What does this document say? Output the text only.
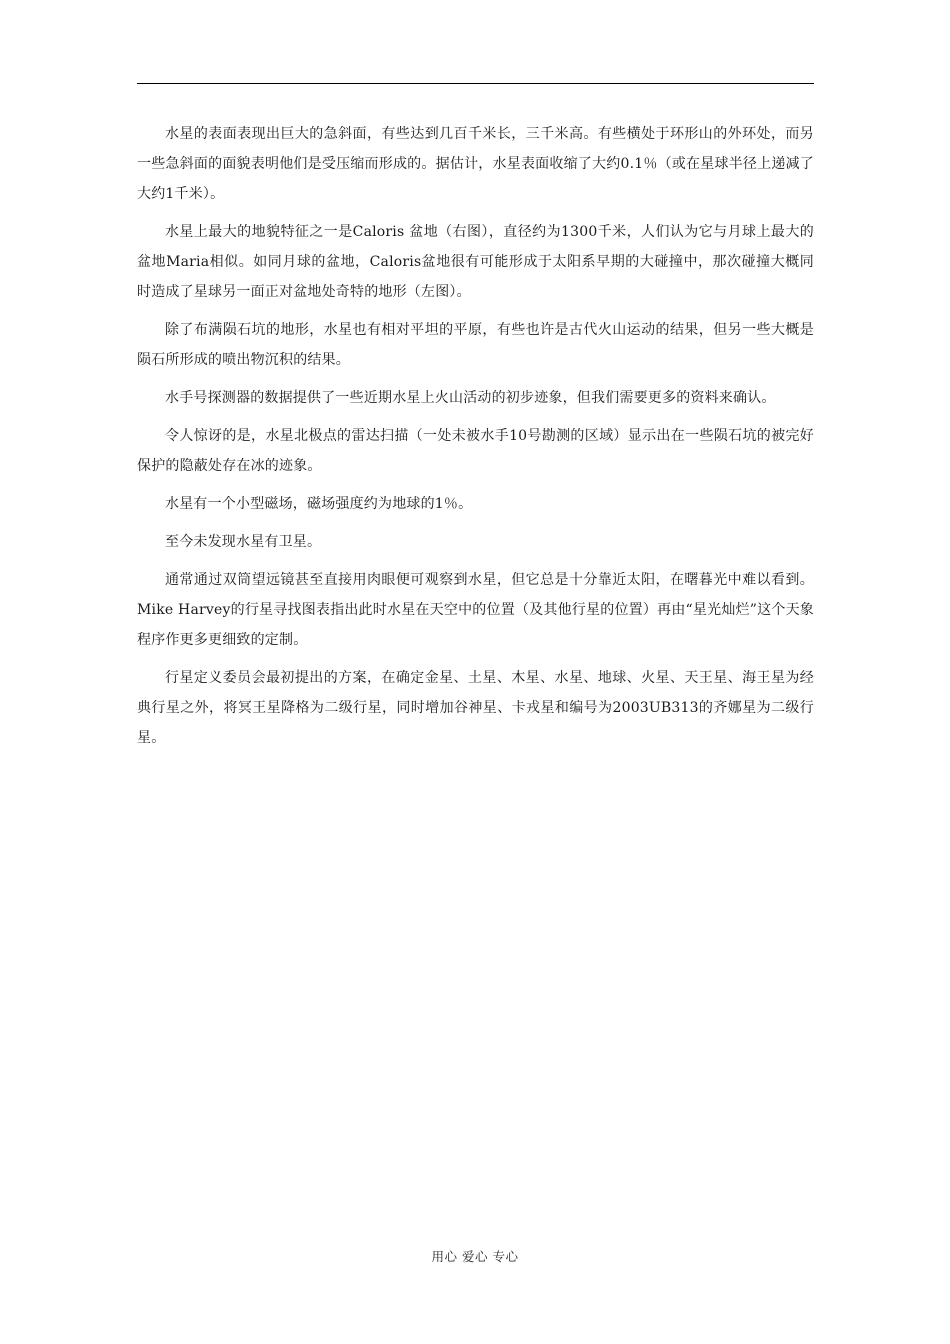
水星的表面表现出巨大的急斜面，有些达到几百千米长，三千米高。有些横处于环形山的外环处，而另一些急斜面的面貌表明他们是受压缩而形成的。据估计，水星表面收缩了大约0.1％（或在星球半径上递减了大约1千米）。

水星上最大的地貌特征之一是Caloris 盆地（右图），直径约为1300千米，人们认为它与月球上最大的盆地Maria相似。如同月球的盆地，Caloris盆地很有可能形成于太阳系早期的大碰撞中，那次碰撞大概同时造成了星球另一面正对盆地处奇特的地形（左图）。

除了布满陨石坑的地形，水星也有相对平坦的平原，有些也许是古代火山运动的结果，但另一些大概是陨石所形成的喷出物沉积的结果。

水手号探测器的数据提供了一些近期水星上火山活动的初步迹象，但我们需要更多的资料来确认。

令人惊讶的是，水星北极点的雷达扫描（一处未被水手10号勘测的区域）显示出在一些陨石坑的被完好保护的隐蔽处存在冰的迹象。

水星有一个小型磁场，磁场强度约为地球的1％。

至今未发现水星有卫星。

通常通过双筒望远镜甚至直接用肉眼便可观察到水星，但它总是十分靠近太阳，在曙暮光中难以看到。Mike Harvey的行星寻找图表指出此时水星在天空中的位置（及其他行星的位置）再由“星光灿烂”这个天象程序作更多更细致的定制。

行星定义委员会最初提出的方案，在确定金星、土星、木星、水星、地球、火星、天王星、海王星为经典行星之外，将冥王星降格为二级行星，同时增加谷神星、卡戎星和编号为2003UB313的齐娜星为二级行星。

用心 爱心 专心
